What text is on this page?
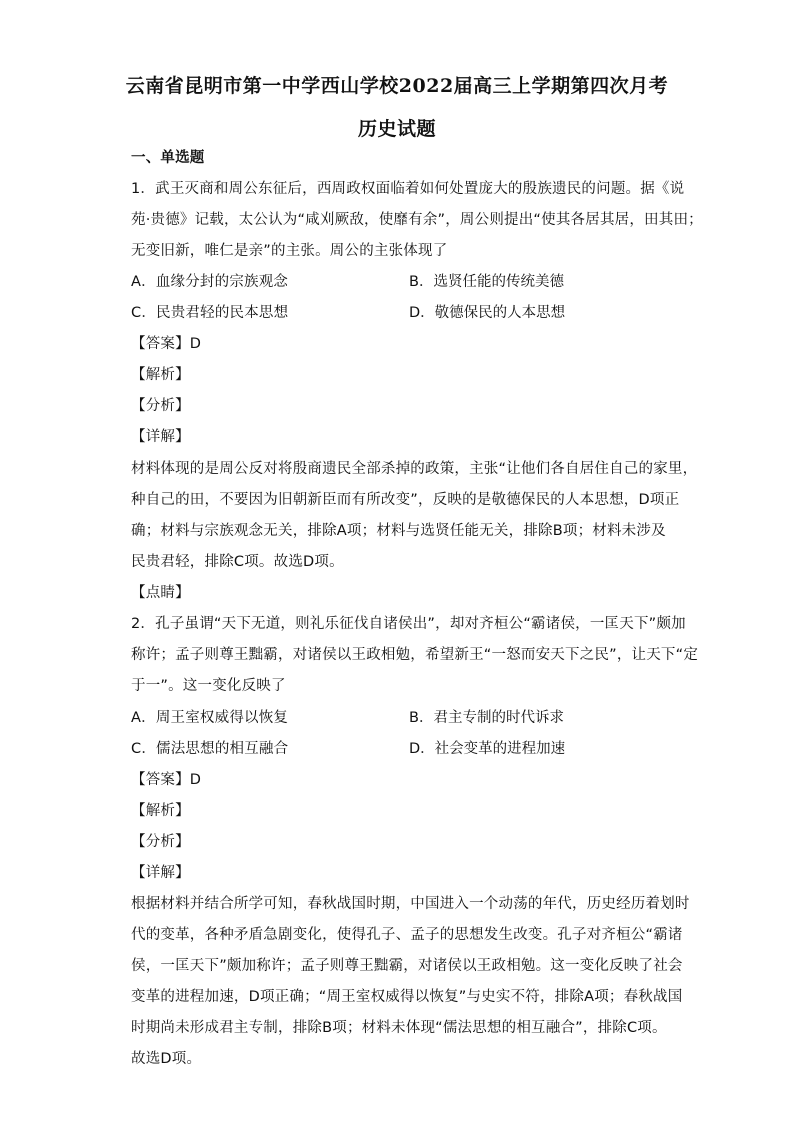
云南省昆明市第一中学西山学校2022届高三上学期第四次月考
历史试题
一、单选题
1．武王灭商和周公东征后，西周政权面临着如何处置庞大的殷族遗民的问题。据《说
苑·贵德》记载，太公认为“咸刈厥敌，使靡有余”，周公则提出“使其各居其居，田其田；
无变旧新，唯仁是亲”的主张。周公的主张体现了
A．血缘分封的宗族观念	B．选贤任能的传统美德
C．民贵君轻的民本思想	D．敬德保民的人本思想
【答案】D
【解析】
【分析】
【详解】
材料体现的是周公反对将殷商遗民全部杀掉的政策，主张“让他们各自居住自己的家里，
种自己的田，不要因为旧朝新臣而有所改变”，反映的是敬德保民的人本思想，D项正
确；材料与宗族观念无关，排除A项；材料与选贤任能无关，排除B项；材料未涉及
民贵君轻，排除C项。故选D项。
【点睛】
2．孔子虽谓“天下无道，则礼乐征伐自诸侯出”，却对齐桓公“霸诸侯，一匡天下”颇加
称许；孟子则尊王黜霸，对诸侯以王政相勉，希望新王“一怒而安天下之民”，让天下“定
于一”。这一变化反映了
A．周王室权威得以恢复	B．君主专制的时代诉求
C．儒法思想的相互融合	D．社会变革的进程加速
【答案】D
【解析】
【分析】
【详解】
根据材料并结合所学可知，春秋战国时期，中国进入一个动荡的年代，历史经历着划时
代的变革，各种矛盾急剧变化，使得孔子、孟子的思想发生改变。孔子对齐桓公“霸诸
侯，一匡天下”颇加称许；孟子则尊王黜霸，对诸侯以王政相勉。这一变化反映了社会
变革的进程加速，D项正确；“周王室权威得以恢复”与史实不符，排除A项；春秋战国
时期尚未形成君主专制，排除B项；材料未体现“儒法思想的相互融合”，排除C项。
故选D项。
